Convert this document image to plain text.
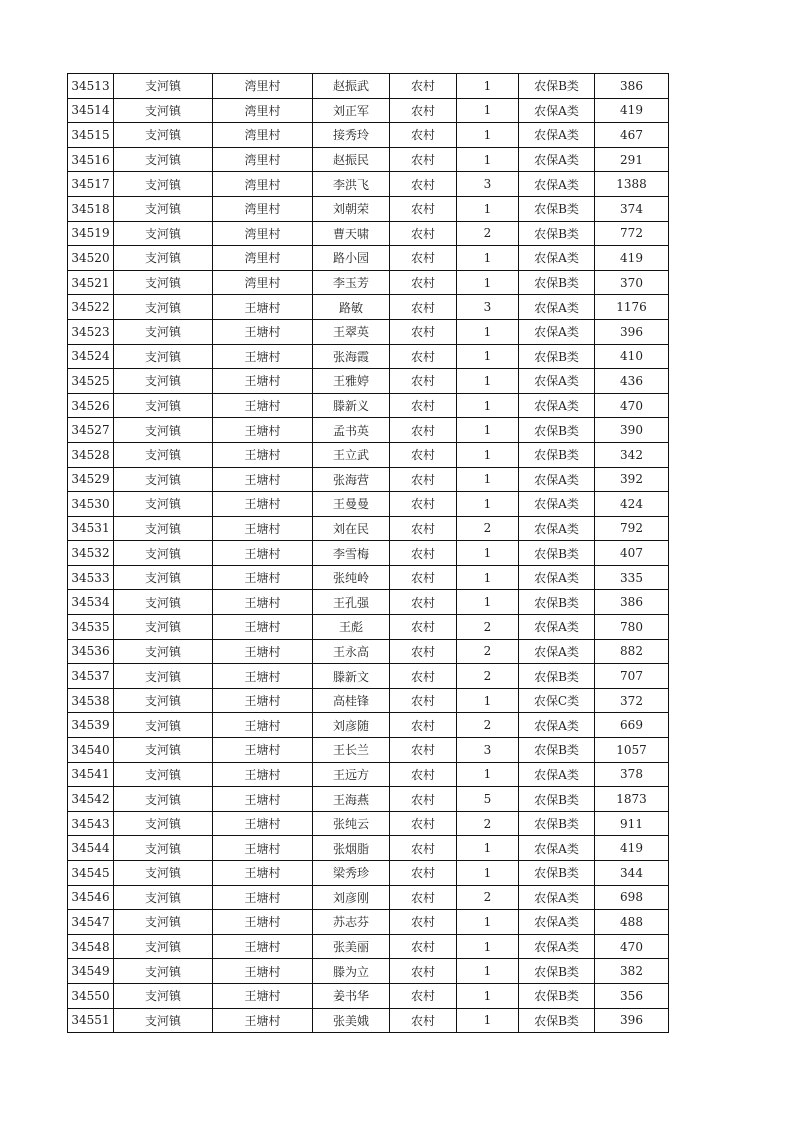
34513	支河镇	湾里村	赵振武	农村	1	农保B类	386
34514	支河镇	湾里村	刘正军	农村	1	农保A类	419
34515	支河镇	湾里村	接秀玲	农村	1	农保A类	467
34516	支河镇	湾里村	赵振民	农村	1	农保A类	291
34517	支河镇	湾里村	李洪飞	农村	3	农保A类	1388
34518	支河镇	湾里村	刘朝荣	农村	1	农保B类	374
34519	支河镇	湾里村	曹天啸	农村	2	农保B类	772
34520	支河镇	湾里村	路小园	农村	1	农保A类	419
34521	支河镇	湾里村	李玉芳	农村	1	农保B类	370
34522	支河镇	王塘村	路敏	农村	3	农保A类	1176
34523	支河镇	王塘村	王翠英	农村	1	农保A类	396
34524	支河镇	王塘村	张海霞	农村	1	农保B类	410
34525	支河镇	王塘村	王雅婷	农村	1	农保A类	436
34526	支河镇	王塘村	滕新义	农村	1	农保A类	470
34527	支河镇	王塘村	孟书英	农村	1	农保B类	390
34528	支河镇	王塘村	王立武	农村	1	农保B类	342
34529	支河镇	王塘村	张海营	农村	1	农保A类	392
34530	支河镇	王塘村	王曼曼	农村	1	农保A类	424
34531	支河镇	王塘村	刘在民	农村	2	农保A类	792
34532	支河镇	王塘村	李雪梅	农村	1	农保B类	407
34533	支河镇	王塘村	张纯岭	农村	1	农保A类	335
34534	支河镇	王塘村	王孔强	农村	1	农保B类	386
34535	支河镇	王塘村	王彪	农村	2	农保A类	780
34536	支河镇	王塘村	王永高	农村	2	农保A类	882
34537	支河镇	王塘村	滕新文	农村	2	农保B类	707
34538	支河镇	王塘村	高桂锋	农村	1	农保C类	372
34539	支河镇	王塘村	刘彦随	农村	2	农保A类	669
34540	支河镇	王塘村	王长兰	农村	3	农保B类	1057
34541	支河镇	王塘村	王远方	农村	1	农保A类	378
34542	支河镇	王塘村	王海燕	农村	5	农保B类	1873
34543	支河镇	王塘村	张纯云	农村	2	农保B类	911
34544	支河镇	王塘村	张烟脂	农村	1	农保A类	419
34545	支河镇	王塘村	梁秀珍	农村	1	农保B类	344
34546	支河镇	王塘村	刘彦刚	农村	2	农保A类	698
34547	支河镇	王塘村	苏志芬	农村	1	农保A类	488
34548	支河镇	王塘村	张美丽	农村	1	农保A类	470
34549	支河镇	王塘村	滕为立	农村	1	农保B类	382
34550	支河镇	王塘村	姜书华	农村	1	农保B类	356
34551	支河镇	王塘村	张美娥	农村	1	农保B类	396
